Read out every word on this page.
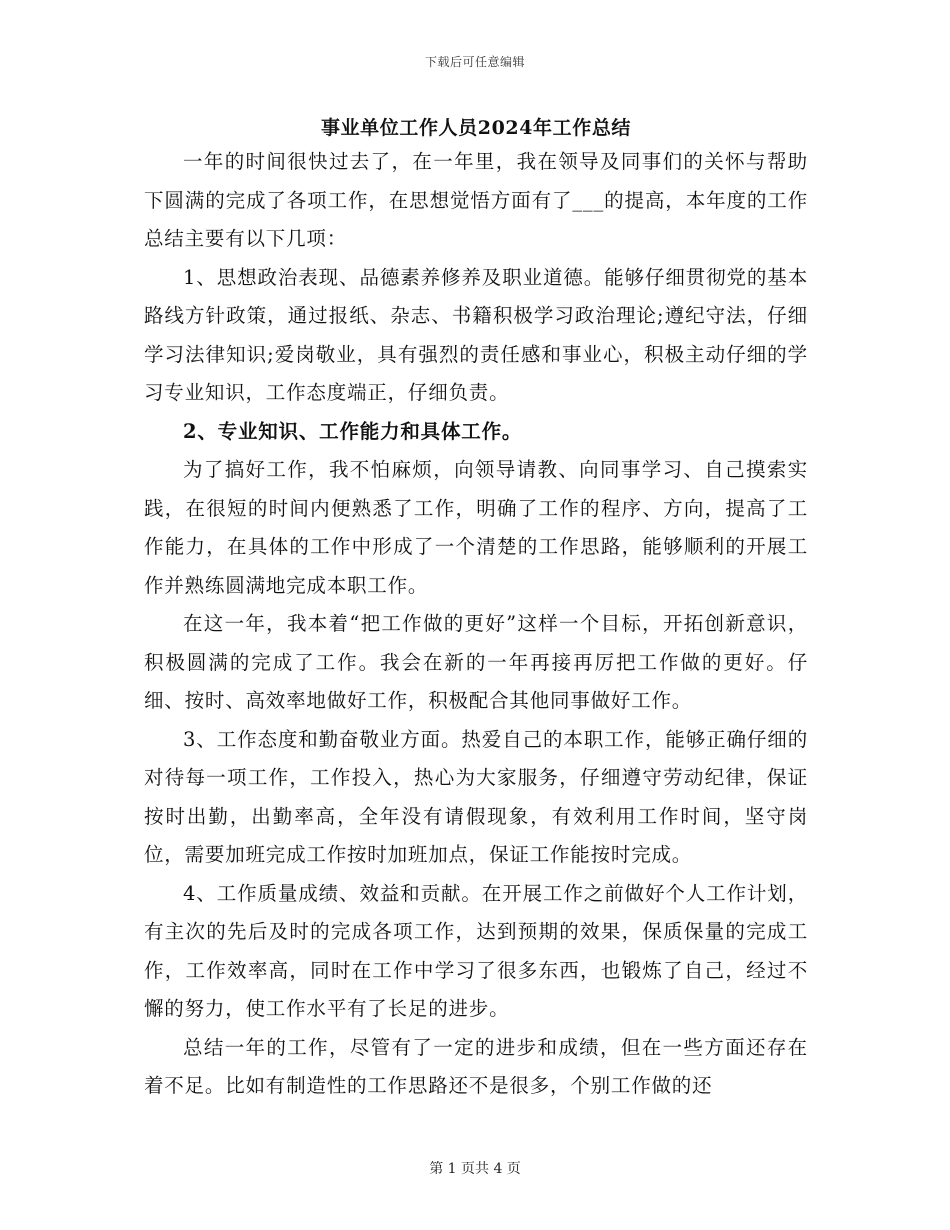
下载后可任意编辑
事业单位工作人员2024年工作总结

一年的时间很快过去了，在一年里，我在领导及同事们的关怀与帮助下圆满的完成了各项工作，在思想觉悟方面有了___的提高，本年度的工作总结主要有以下几项：

1、思想政治表现、品德素养修养及职业道德。能够仔细贯彻党的基本路线方针政策，通过报纸、杂志、书籍积极学习政治理论;遵纪守法，仔细学习法律知识;爱岗敬业，具有强烈的责任感和事业心，积极主动仔细的学习专业知识，工作态度端正，仔细负责。

2、专业知识、工作能力和具体工作。

为了搞好工作，我不怕麻烦，向领导请教、向同事学习、自己摸索实践，在很短的时间内便熟悉了工作，明确了工作的程序、方向，提高了工作能力，在具体的工作中形成了一个清楚的工作思路，能够顺利的开展工作并熟练圆满地完成本职工作。

在这一年，我本着“把工作做的更好”这样一个目标，开拓创新意识，积极圆满的完成了工作。我会在新的一年再接再厉把工作做的更好。仔细、按时、高效率地做好工作，积极配合其他同事做好工作。

3、工作态度和勤奋敬业方面。热爱自己的本职工作，能够正确仔细的对待每一项工作，工作投入，热心为大家服务，仔细遵守劳动纪律，保证按时出勤，出勤率高，全年没有请假现象，有效利用工作时间，坚守岗位，需要加班完成工作按时加班加点，保证工作能按时完成。

4、工作质量成绩、效益和贡献。在开展工作之前做好个人工作计划，有主次的先后及时的完成各项工作，达到预期的效果，保质保量的完成工作，工作效率高，同时在工作中学习了很多东西，也锻炼了自己，经过不懈的努力，使工作水平有了长足的进步。

总结一年的工作，尽管有了一定的进步和成绩，但在一些方面还存在着不足。比如有制造性的工作思路还不是很多，个别工作做的还

第 1 页共 4 页
